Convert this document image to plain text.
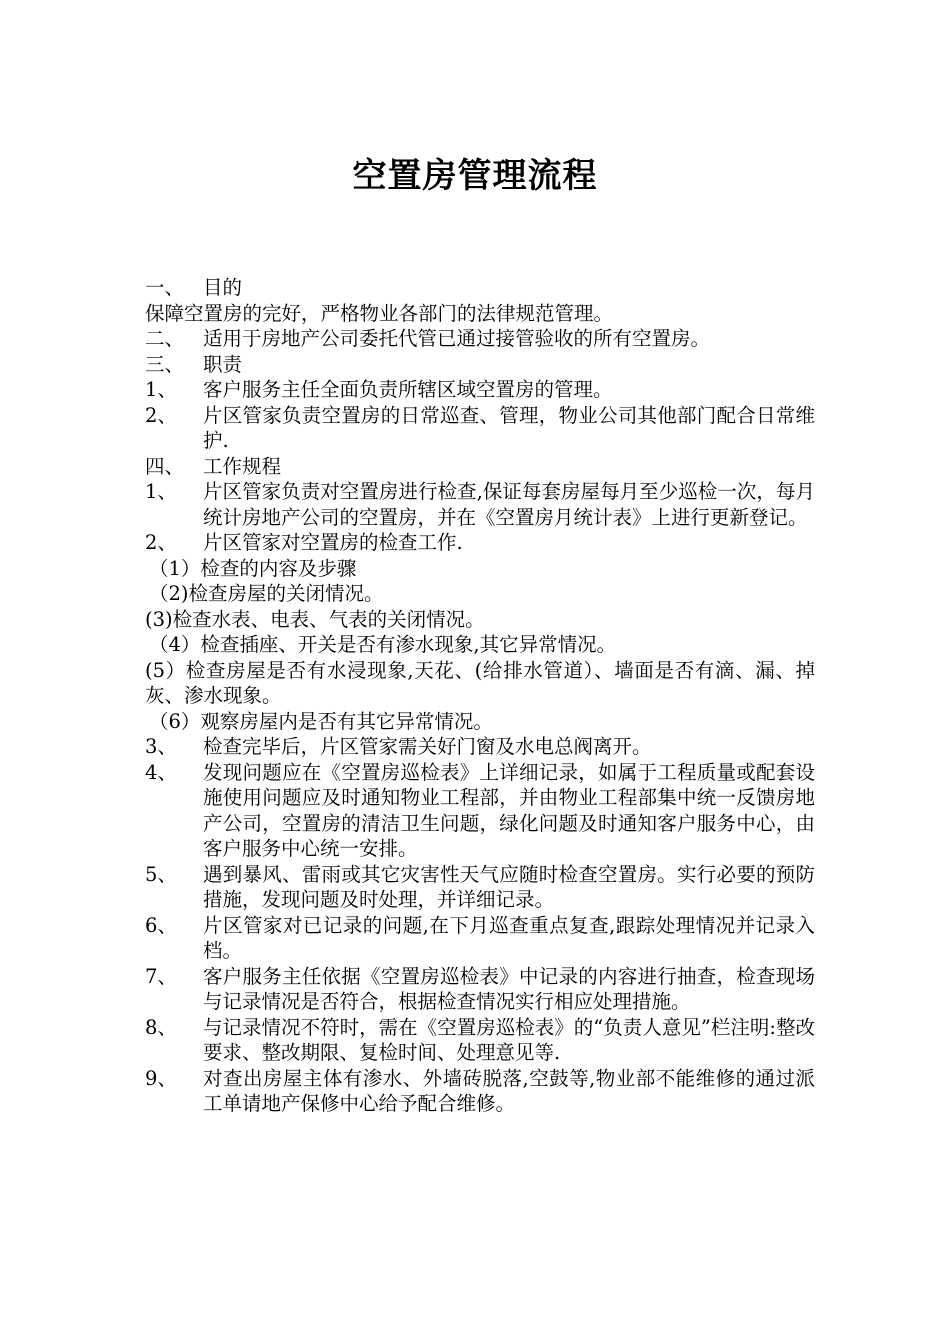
空置房管理流程
一、 目的
保障空置房的完好，严格物业各部门的法律规范管理。
二、 适用于房地产公司委托代管已通过接管验收的所有空置房。
三、 职责
1、	客户服务主任全面负责所辖区域空置房的管理。
2、	片区管家负责空置房的日常巡查、管理，物业公司其他部门配合日常维护.
四、 工作规程
1、	片区管家负责对空置房进行检查,保证每套房屋每月至少巡检一次，每月统计房地产公司的空置房，并在《空置房月统计表》上进行更新登记。
2、	片区管家对空置房的检查工作.
（1）检查的内容及步骤
（2)检查房屋的关闭情况。
(3)检查水表、电表、气表的关闭情况。
（4）检查插座、开关是否有渗水现象,其它异常情况。
(5）检查房屋是否有水浸现象,天花、(给排水管道）、墙面是否有滴、漏、掉灰、渗水现象。
（6）观察房屋内是否有其它异常情况。
3、	检查完毕后，片区管家需关好门窗及水电总阀离开。
4、	发现问题应在《空置房巡检表》上详细记录，如属于工程质量或配套设施使用问题应及时通知物业工程部，并由物业工程部集中统一反馈房地产公司，空置房的清洁卫生问题，绿化问题及时通知客户服务中心，由客户服务中心统一安排。
5、	遇到暴风、雷雨或其它灾害性天气应随时检查空置房。实行必要的预防措施，发现问题及时处理，并详细记录。
6、	片区管家对已记录的问题,在下月巡查重点复查,跟踪处理情况并记录入档。
7、	客户服务主任依据《空置房巡检表》中记录的内容进行抽查，检查现场与记录情况是否符合，根据检查情况实行相应处理措施。
8、	与记录情况不符时，需在《空置房巡检表》的“负责人意见”栏注明:整改要求、整改期限、复检时间、处理意见等.
9、	对查出房屋主体有渗水、外墙砖脱落,空鼓等,物业部不能维修的通过派工单请地产保修中心给予配合维修。
